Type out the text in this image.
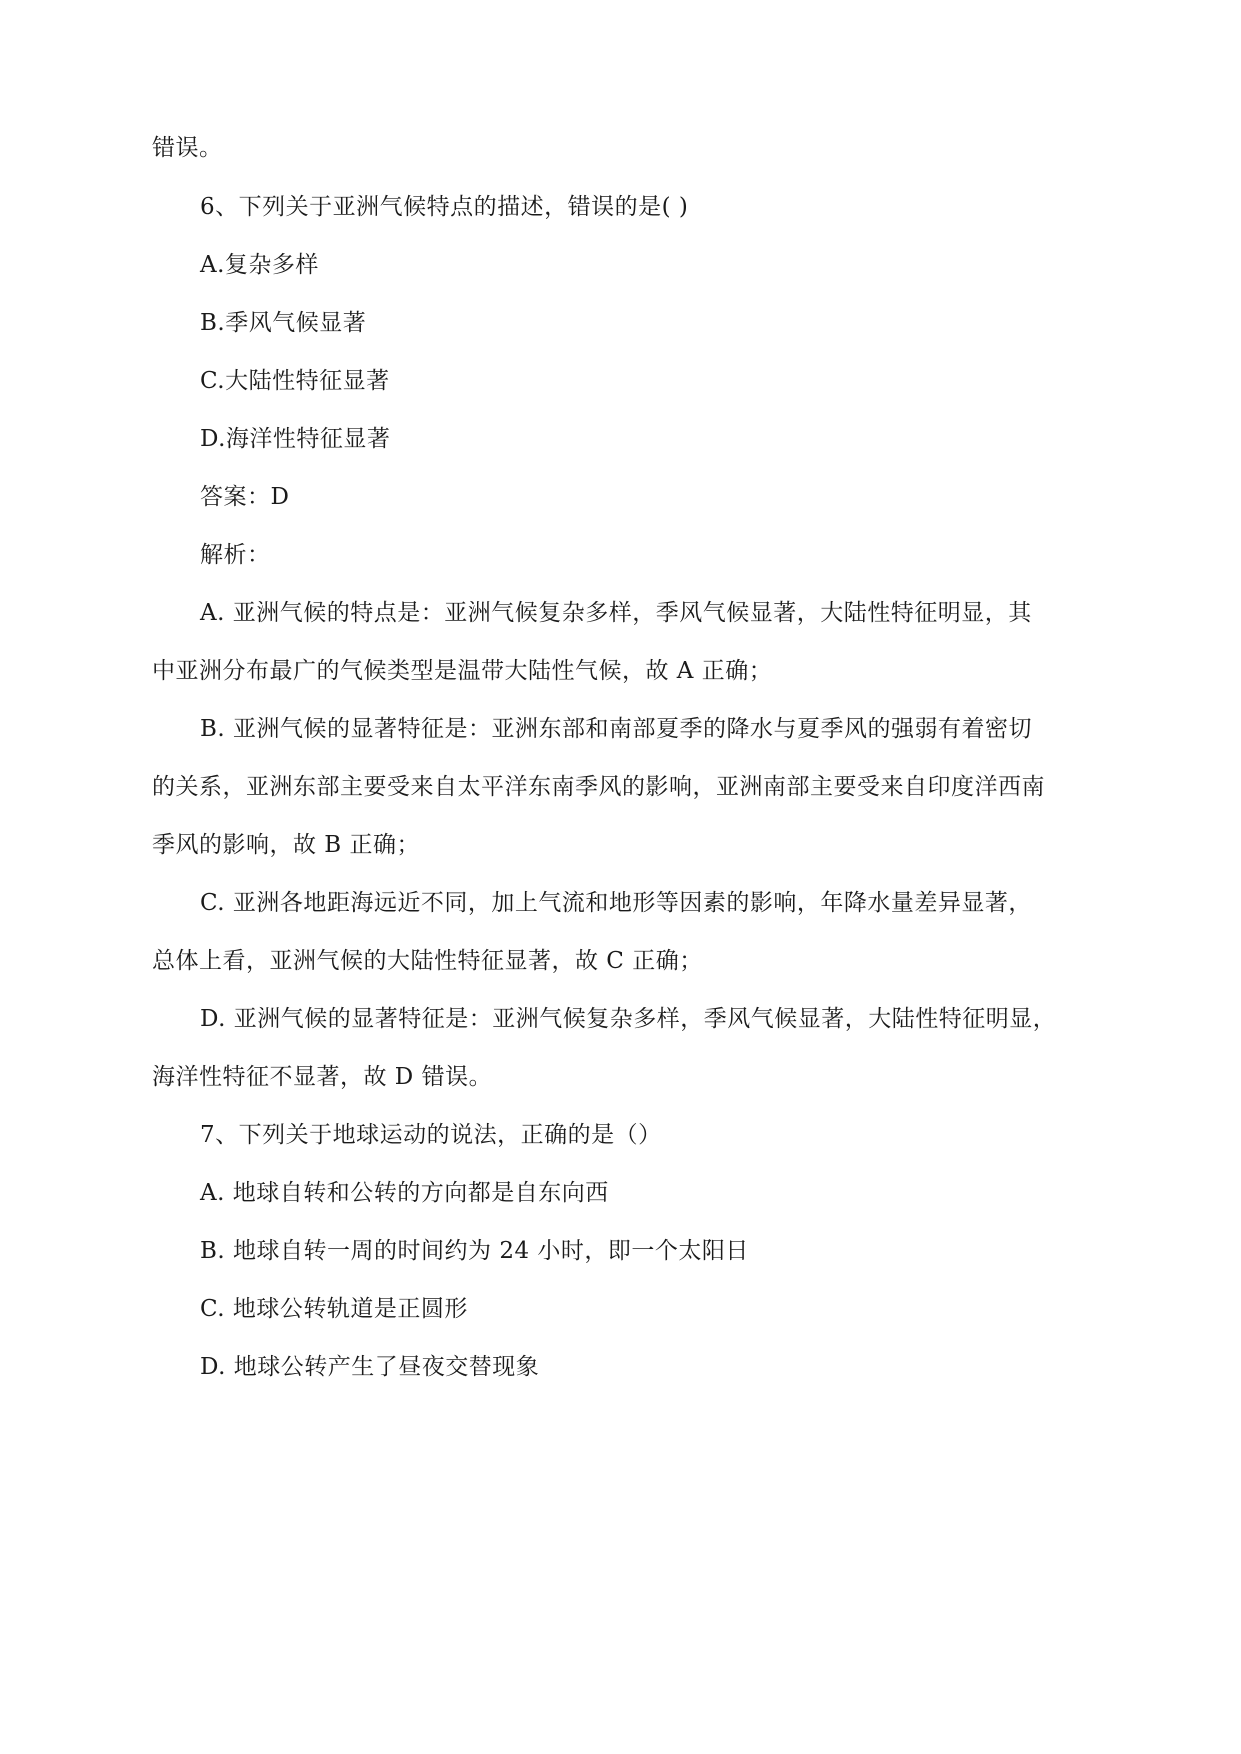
错误。
6、下列关于亚洲气候特点的描述，错误的是( )
A.复杂多样
B.季风气候显著
C.大陆性特征显著
D.海洋性特征显著
答案：D
解析：
A. 亚洲气候的特点是：亚洲气候复杂多样，季风气候显著，大陆性特征明显，其
中亚洲分布最广的气候类型是温带大陆性气候，故 A 正确；
B. 亚洲气候的显著特征是：亚洲东部和南部夏季的降水与夏季风的强弱有着密切
的关系，亚洲东部主要受来自太平洋东南季风的影响，亚洲南部主要受来自印度洋西南
季风的影响，故 B 正确；
C. 亚洲各地距海远近不同，加上气流和地形等因素的影响，年降水量差异显著，
总体上看，亚洲气候的大陆性特征显著，故 C 正确；
D. 亚洲气候的显著特征是：亚洲气候复杂多样，季风气候显著，大陆性特征明显，
海洋性特征不显著，故 D 错误。
7、下列关于地球运动的说法，正确的是（）
A. 地球自转和公转的方向都是自东向西
B. 地球自转一周的时间约为 24 小时，即一个太阳日
C. 地球公转轨道是正圆形
D. 地球公转产生了昼夜交替现象
